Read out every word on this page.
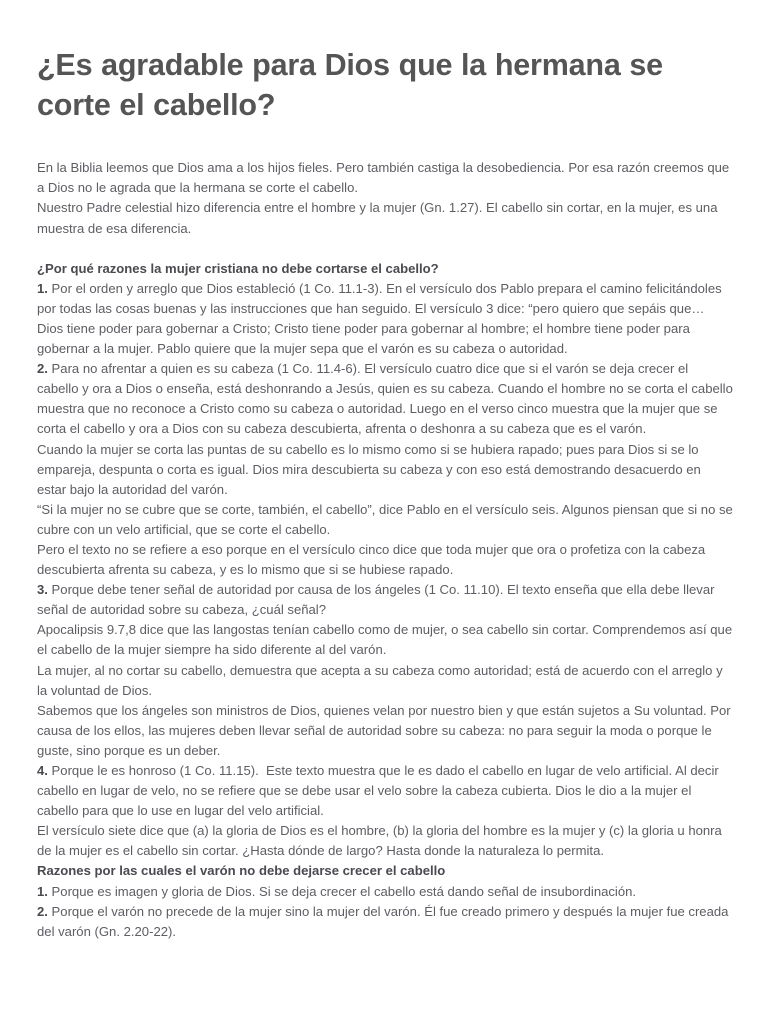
¿Es agradable para Dios que la hermana se corte el cabello?

En la Biblia leemos que Dios ama a los hijos fieles. Pero también castiga la desobediencia. Por esa razón creemos que a Dios no le agrada que la hermana se corte el cabello.

Nuestro Padre celestial hizo diferencia entre el hombre y la mujer (Gn. 1.27). El cabello sin cortar, en la mujer, es una muestra de esa diferencia.

¿Por qué razones la mujer cristiana no debe cortarse el cabello?

1. Por el orden y arreglo que Dios estableció (1 Co. 11.1-3). En el versículo dos Pablo prepara el camino felicitándoles por todas las cosas buenas y las instrucciones que han seguido. El versículo 3 dice: “pero quiero que sepáis que… Dios tiene poder para gobernar a Cristo; Cristo tiene poder para gobernar al hombre; el hombre tiene poder para gobernar a la mujer. Pablo quiere que la mujer sepa que el varón es su cabeza o autoridad.

2. Para no afrentar a quien es su cabeza (1 Co. 11.4-6). El versículo cuatro dice que si el varón se deja crecer el cabello y ora a Dios o enseña, está deshonrando a Jesús, quien es su cabeza. Cuando el hombre no se corta el cabello muestra que no reconoce a Cristo como su cabeza o autoridad. Luego en el verso cinco muestra que la mujer que se corta el cabello y ora a Dios con su cabeza descubierta, afrenta o deshonra a su cabeza que es el varón.

Cuando la mujer se corta las puntas de su cabello es lo mismo como si se hubiera rapado; pues para Dios si se lo empareja, despunta o corta es igual. Dios mira descubierta su cabeza y con eso está demostrando desacuerdo en estar bajo la autoridad del varón.

“Si la mujer no se cubre que se corte, también, el cabello”, dice Pablo en el versículo seis. Algunos piensan que si no se cubre con un velo artificial, que se corte el cabello.

Pero el texto no se refiere a eso porque en el versículo cinco dice que toda mujer que ora o profetiza con la cabeza descubierta afrenta su cabeza, y es lo mismo que si se hubiese rapado.

3. Porque debe tener señal de autoridad por causa de los ángeles (1 Co. 11.10). El texto enseña que ella debe llevar señal de autoridad sobre su cabeza, ¿cuál señal?

Apocalipsis 9.7,8 dice que las langostas tenían cabello como de mujer, o sea cabello sin cortar. Comprendemos así que el cabello de la mujer siempre ha sido diferente al del varón.

La mujer, al no cortar su cabello, demuestra que acepta a su cabeza como autoridad; está de acuerdo con el arreglo y la voluntad de Dios.

Sabemos que los ángeles son ministros de Dios, quienes velan por nuestro bien y que están sujetos a Su voluntad. Por causa de los ellos, las mujeres deben llevar señal de autoridad sobre su cabeza: no para seguir la moda o porque le guste, sino porque es un deber.

4. Porque le es honroso (1 Co. 11.15).  Este texto muestra que le es dado el cabello en lugar de velo artificial. Al decir cabello en lugar de velo, no se refiere que se debe usar el velo sobre la cabeza cubierta. Dios le dio a la mujer el cabello para que lo use en lugar del velo artificial.

El versículo siete dice que (a) la gloria de Dios es el hombre, (b) la gloria del hombre es la mujer y (c) la gloria u honra de la mujer es el cabello sin cortar. ¿Hasta dónde de largo? Hasta donde la naturaleza lo permita.

Razones por las cuales el varón no debe dejarse crecer el cabello

1. Porque es imagen y gloria de Dios. Si se deja crecer el cabello está dando señal de insubordinación.

2. Porque el varón no precede de la mujer sino la mujer del varón. Él fue creado primero y después la mujer fue creada del varón (Gn. 2.20-22).
